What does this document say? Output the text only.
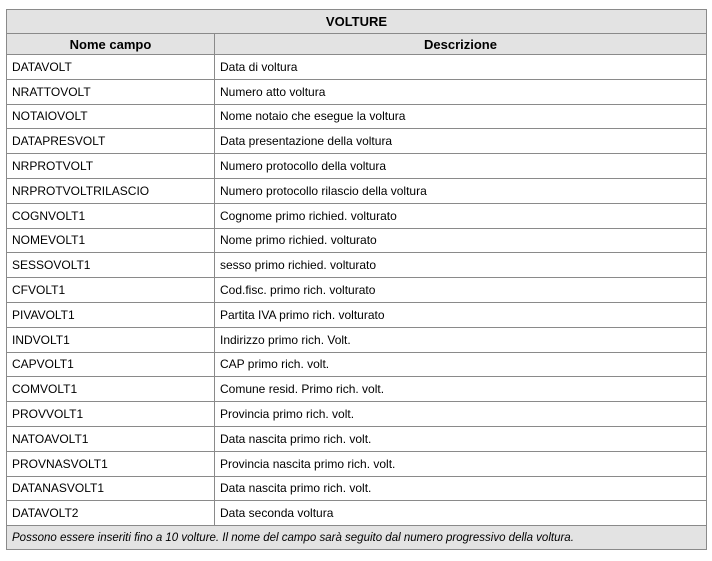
VOLTURE	
Nome campo	Descrizione
DATAVOLT	Data di voltura
NRATTOVOLT	Numero atto voltura
NOTAIOVOLT	Nome notaio che esegue la voltura
DATAPRESVOLT	Data presentazione della voltura
NRPROTVOLT	Numero protocollo della voltura
NRPROTVOLTRILASCIO	Numero protocollo rilascio della voltura
COGNVOLT1	Cognome primo richied. volturato
NOMEVOLT1	Nome primo richied. volturato
SESSOVOLT1	sesso primo richied. volturato
CFVOLT1	Cod.fisc. primo rich. volturato
PIVAVOLT1	Partita IVA primo rich. volturato
INDVOLT1	Indirizzo primo rich. Volt.
CAPVOLT1	CAP primo rich. volt.
COMVOLT1	Comune resid. Primo rich. volt.
PROVVOLT1	Provincia primo rich. volt.
NATOAVOLT1	Data nascita primo rich. volt.
PROVNASVOLT1	Provincia nascita primo rich. volt.
DATANASVOLT1	Data nascita primo rich. volt.
DATAVOLT2	Data seconda voltura
Possono essere inseriti fino a 10 volture. Il nome del campo sarà seguito dal numero progressivo della voltura.	
